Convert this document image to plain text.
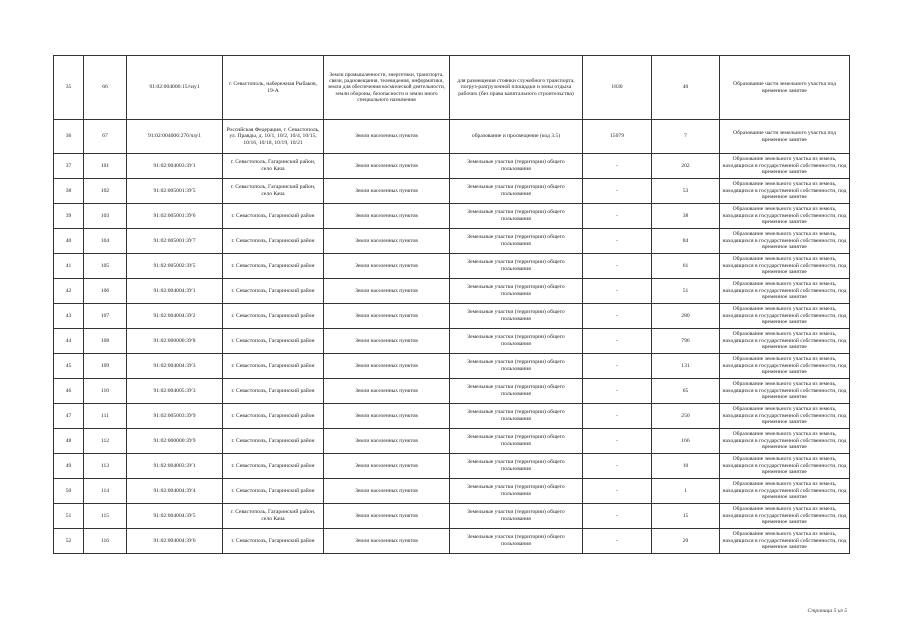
35	66	91:02:004006:15/чзу1	г. Севастополь, набережная Рыбаков, 19-А	Земли промышленности, энергетики, транспорта, связи, радиовещания, телевидения, информатики, земли для обеспечения космической деятельности, земли обороны, безопасности и земли иного специального назначения	для размещения стоянки служебного транспорта, погруз-разгрузочной площадки и зоны отдыха рабочих (без права капитального строительства)	1830	40	Образование части земельного участка под временное занятие
36	67	91:02:004006:276/чзу1	Российская Федерация, г. Севастополь, ул. Правды, д. 10/1, 10/2, 10/4, 10/15, 10/16, 10/18, 10/19, 10/21	Земли населенных пунктов	образование и просвещение (код 3.5)	15079	7	Образование части земельного участка под временное занятие
37	101	91:02:004003:ЗУ1	г. Севастополь, Гагаринский район, село Кача	Земли населенных пунктов	Земельные участки (территории) общего пользования	-	202	Образование земельного участка из земель, находящихся в государственной собственности, под временное занятие
38	102	91:02:005001:ЗУ5	г. Севастополь, Гагаринский район, село Кача	Земли населенных пунктов	Земельные участки (территории) общего пользования	-	53	Образование земельного участка из земель, находящихся в государственной собственности, под временное занятие
39	103	91:02:005001:ЗУ6	г. Севастополь, Гагаринский район	Земли населенных пунктов	Земельные участки (территории) общего пользования	-	38	Образование земельного участка из земель, находящихся в государственной собственности, под временное занятие
40	104	91:02:005001:ЗУ7	г. Севастополь, Гагаринский район	Земли населенных пунктов	Земельные участки (территории) общего пользования	-	84	Образование земельного участка из земель, находящихся в государственной собственности, под временное занятие
41	105	91:02:005002:ЗУ5	г. Севастополь, Гагаринский район	Земли населенных пунктов	Земельные участки (территории) общего пользования	-	61	Образование земельного участка из земель, находящихся в государственной собственности, под временное занятие
42	106	91:02:004004:ЗУ1	г. Севастополь, Гагаринский район	Земли населенных пунктов	Земельные участки (территории) общего пользования	-	51	Образование земельного участка из земель, находящихся в государственной собственности, под временное занятие
43	107	91:02:004004:ЗУ2	г. Севастополь, Гагаринский район	Земли населенных пунктов	Земельные участки (территории) общего пользования	-	280	Образование земельного участка из земель, находящихся в государственной собственности, под временное занятие
44	108	91:02:000000:ЗУ8	г. Севастополь, Гагаринский район	Земли населенных пунктов	Земельные участки (территории) общего пользования	-	796	Образование земельного участка из земель, находящихся в государственной собственности, под временное занятие
45	109	91:02:004004:ЗУ3	г. Севастополь, Гагаринский район	Земли населенных пунктов	Земельные участки (территории) общего пользования	-	131	Образование земельного участка из земель, находящихся в государственной собственности, под временное занятие
46	110	91:02:004005:ЗУ3	г. Севастополь, Гагаринский район	Земли населенных пунктов	Земельные участки (территории) общего пользования	-	65	Образование земельного участка из земель, находящихся в государственной собственности, под временное занятие
47	111	91:02:005003:ЗУ9	г. Севастополь, Гагаринский район	Земли населенных пунктов	Земельные участки (территории) общего пользования	-	250	Образование земельного участка из земель, находящихся в государственной собственности, под временное занятие
48	112	91:02:000000:ЗУ9	г. Севастополь, Гагаринский район	Земли населенных пунктов	Земельные участки (территории) общего пользования	-	166	Образование земельного участка из земель, находящихся в государственной собственности, под временное занятие
49	113	91:02:004003:ЗУ1	г. Севастополь, Гагаринский район	Земли населенных пунктов	Земельные участки (территории) общего пользования	-	10	Образование земельного участка из земель, находящихся в государственной собственности, под временное занятие
50	114	91:02:004004:ЗУ4	г. Севастополь, Гагаринский район	Земли населенных пунктов	Земельные участки (территории) общего пользования	-	1	Образование земельного участка из земель, находящихся в государственной собственности, под временное занятие
51	115	91:02:004004:ЗУ5	г. Севастополь, Гагаринский район, село Кача	Земли населенных пунктов	Земельные участки (территории) общего пользования	-	15	Образование земельного участка из земель, находящихся в государственной собственности, под временное занятие
52	116	91:02:004004:ЗУ6	г. Севастополь, Гагаринский район	Земли населенных пунктов	Земельные участки (территории) общего пользования	-	20	Образование земельного участка из земель, находящихся в государственной собственности, под временное занятие
Страница 5 из 5
